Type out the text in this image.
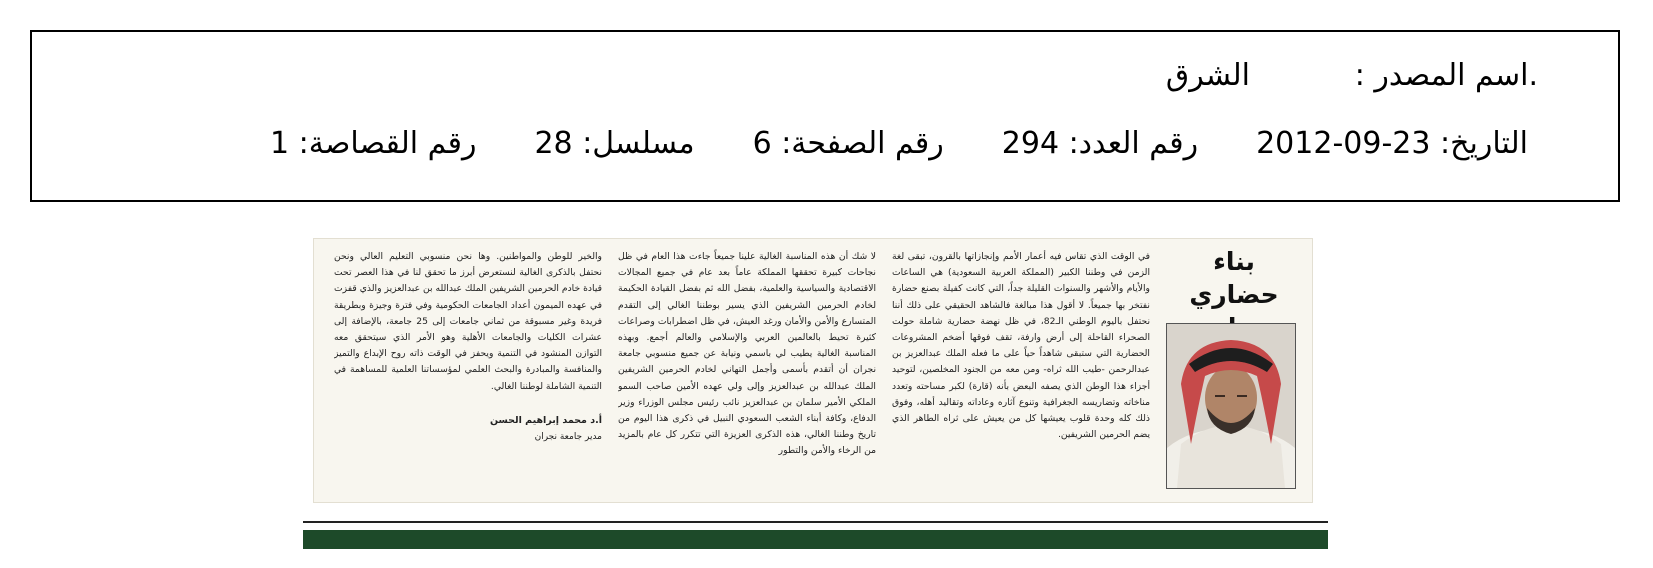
.اسم المصدر :
الشرق
التاريخ: 23-09-2012رقم العدد: 294رقم الصفحة: 6مسلسل: 28رقم القصاصة: 1
بناء حضاري
في الوقت الذي تقاس فيه أعمار الأمم وإنجازاتها بالقرون، تبقى لغة الزمن في وطننا الكبير (المملكة العربية السعودية) هي الساعات والأيام والأشهر والسنوات القليلة جداً، التي كانت كفيلة بصنع حضارة نفتخر بها جميعاً. لا أقول هذا مبالغة فالشاهد الحقيقي على ذلك أننا نحتفل باليوم الوطني الـ82، في ظل نهضة حضارية شاملة حولت الصحراء القاحلة إلى أرض وارفة، تقف فوقها أضخم المشروعات الحضارية التي ستبقى شاهداً حياً على ما فعله الملك عبدالعزيز بن عبدالرحمن -طيب الله ثراه- ومن معه من الجنود المخلصين، لتوحيد أجزاء هذا الوطن الذي يصفه البعض بأنه (قارة) لكبر مساحته وتعدد مناخاته وتضاريسه الجغرافية وتنوع آثاره وعاداته وتقاليد أهله، وفوق ذلك كله وحدة قلوب يعيشها كل من يعيش على ثراه الطاهر الذي يضم الحرمين الشريفين.
لا شك أن هذه المناسبة الغالية علينا جميعاً جاءت هذا العام في ظل نجاحات كبيرة تحققها المملكة عاماً بعد عام في جميع المجالات الاقتصادية والسياسية والعلمية، بفضل الله ثم بفضل القيادة الحكيمة لخادم الحرمين الشريفين الذي يسير بوطننا الغالي إلى التقدم المتسارع والأمن والأمان ورغد العيش، في ظل اضطرابات وصراعات كثيرة تحيط بالعالمين العربي والإسلامي والعالم أجمع. وبهذه المناسبة الغالية يطيب لي باسمي ونيابة عن جميع منسوبي جامعة نجران أن أتقدم بأسمى وأجمل التهاني لخادم الحرمين الشريفين الملك عبدالله بن عبدالعزيز وإلى ولي عهده الأمين صاحب السمو الملكي الأمير سلمان بن عبدالعزيز نائب رئيس مجلس الوزراء وزير الدفاع، وكافة أبناء الشعب السعودي النبيل في ذكرى هذا اليوم من تاريخ وطننا الغالي، هذه الذكرى العزيزة التي تتكرر كل عام بالمزيد من الرخاء والأمن والتطور

والخير للوطن والمواطنين. وها نحن منسوبي التعليم العالي ونحن نحتفل بالذكرى الغالية لنستعرض أبرز ما تحقق لنا في هذا العصر تحت قيادة خادم الحرمين الشريفين الملك عبدالله بن عبدالعزيز والذي قفزت في عهده الميمون أعداد الجامعات الحكومية وفي فترة وجيزة وبطريقة فريدة وغير مسبوقة من ثماني جامعات إلى 25 جامعة، بالإضافة إلى عشرات الكليات والجامعات الأهلية وهو الأمر الذي سيتحقق معه التوازن المنشود في التنمية ويحفز في الوقت ذاته روح الإبداع والتميز والمنافسة والمبادرة والبحث العلمي لمؤسساتنا العلمية للمساهمة في التنمية الشاملة لوطننا الغالي.

أ.د محمد إبراهيم الحسن

مدير جامعة نجران
